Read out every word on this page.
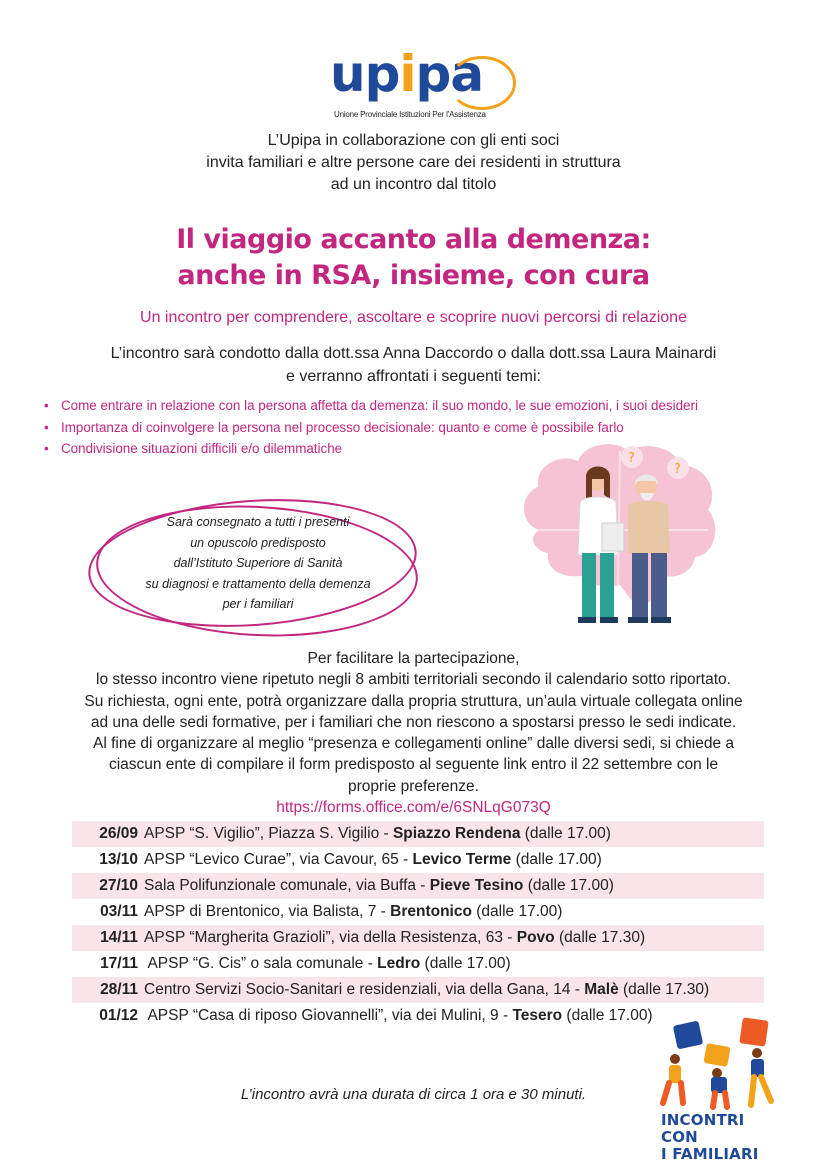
upipa
Unione Provinciale Istituzioni Per l'Assistenza
L’Upipa in collaborazione con gli enti soci
invita familiari e altre persone care dei residenti in struttura
ad un incontro dal titolo
Il viaggio accanto alla demenza:
anche in RSA, insieme, con cura
Un incontro per comprendere, ascoltare e scoprire nuovi percorsi di relazione
L’incontro sarà condotto dalla dott.ssa Anna Daccordo o dalla dott.ssa Laura Mainardi
e verranno affrontati i seguenti temi:
• Come entrare in relazione con la persona affetta da demenza: il suo mondo, le sue emozioni, i suoi desideri
• Importanza di coinvolgere la persona nel processo decisionale: quanto e come è possibile farlo
• Condivisione situazioni difficili e/o dilemmatiche
Sarà consegnato a tutti i presenti
un opuscolo predisposto
dall’Istituto Superiore di Sanità
su diagnosi e trattamento della demenza
per i familiari
?
?
Per facilitare la partecipazione,
lo stesso incontro viene ripetuto negli 8 ambiti territoriali secondo il calendario sotto riportato.
Su richiesta, ogni ente, potrà organizzare dalla propria struttura, un’aula virtuale collegata online
ad una delle sedi formative, per i familiari che non riescono a spostarsi presso le sedi indicate.
Al fine di organizzare al meglio “presenza e collegamenti online” dalle diversi sedi, si chiede a
ciascun ente di compilare il form predisposto al seguente link entro il 22 settembre con le
proprie preferenze.
https://forms.office.com/e/6SNLqG073Q
26/09 APSP “S. Vigilio”, Piazza S. Vigilio - Spiazzo Rendena (dalle 17.00)
13/10 APSP “Levico Curae”, via Cavour, 65 - Levico Terme (dalle 17.00)
27/10 Sala Polifunzionale comunale, via Buffa - Pieve Tesino (dalle 17.00)
03/11 APSP di Brentonico, via Balista, 7 - Brentonico (dalle 17.00)
14/11 APSP “Margherita Grazioli”, via della Resistenza, 63 - Povo (dalle 17.30)
17/11 APSP “G. Cis” o sala comunale - Ledro (dalle 17.00)
28/11 Centro Servizi Socio-Sanitari e residenziali, via della Gana, 14 - Malè (dalle 17.30)
01/12 APSP “Casa di riposo Giovannelli”, via dei Mulini, 9 - Tesero (dalle 17.00)
L’incontro avrà una durata di circa 1 ora e 30 minuti.
INCONTRI CON
I FAMILIARI
